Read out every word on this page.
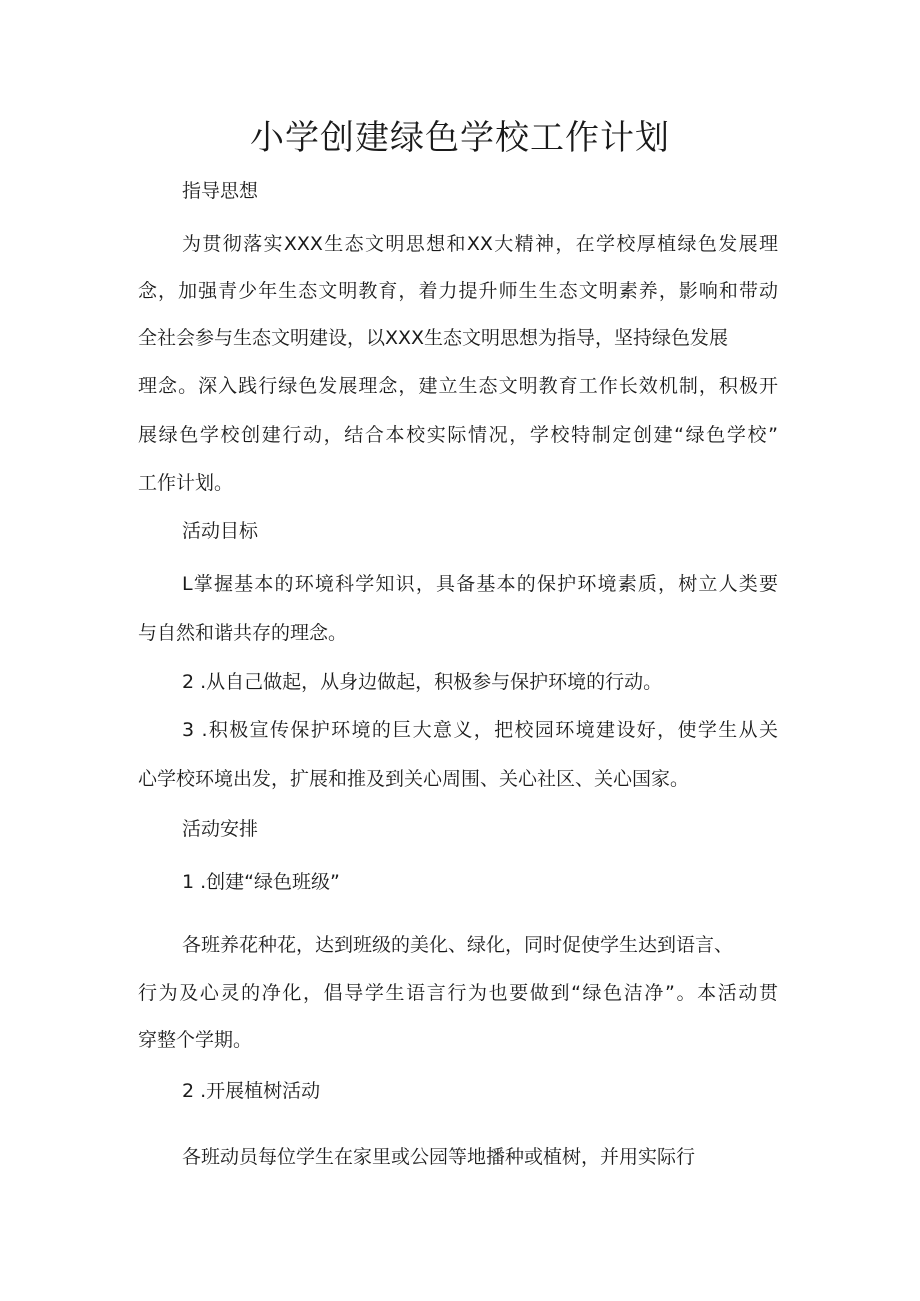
小学创建绿色学校工作计划

指导思想

为贯彻落实XXX生态文明思想和XX大精神，在学校厚植绿色发展理

念，加强青少年生态文明教育，着力提升师生生态文明素养，影响和带动

全社会参与生态文明建设，以XXX生态文明思想为指导，坚持绿色发展

理念。深入践行绿色发展理念，建立生态文明教育工作长效机制，积极开

展绿色学校创建行动，结合本校实际情况，学校特制定创建“绿色学校”

工作计划。

活动目标

L掌握基本的环境科学知识，具备基本的保护环境素质，树立人类要

与自然和谐共存的理念。

2 .从自己做起，从身边做起，积极参与保护环境的行动。

3 .积极宣传保护环境的巨大意义，把校园环境建设好，使学生从关

心学校环境出发，扩展和推及到关心周围、关心社区、关心国家。

活动安排

1 .创建“绿色班级”

各班养花种花，达到班级的美化、绿化，同时促使学生达到语言、

行为及心灵的净化，倡导学生语言行为也要做到“绿色洁净”。本活动贯

穿整个学期。

2 .开展植树活动

各班动员每位学生在家里或公园等地播种或植树，并用实际行
